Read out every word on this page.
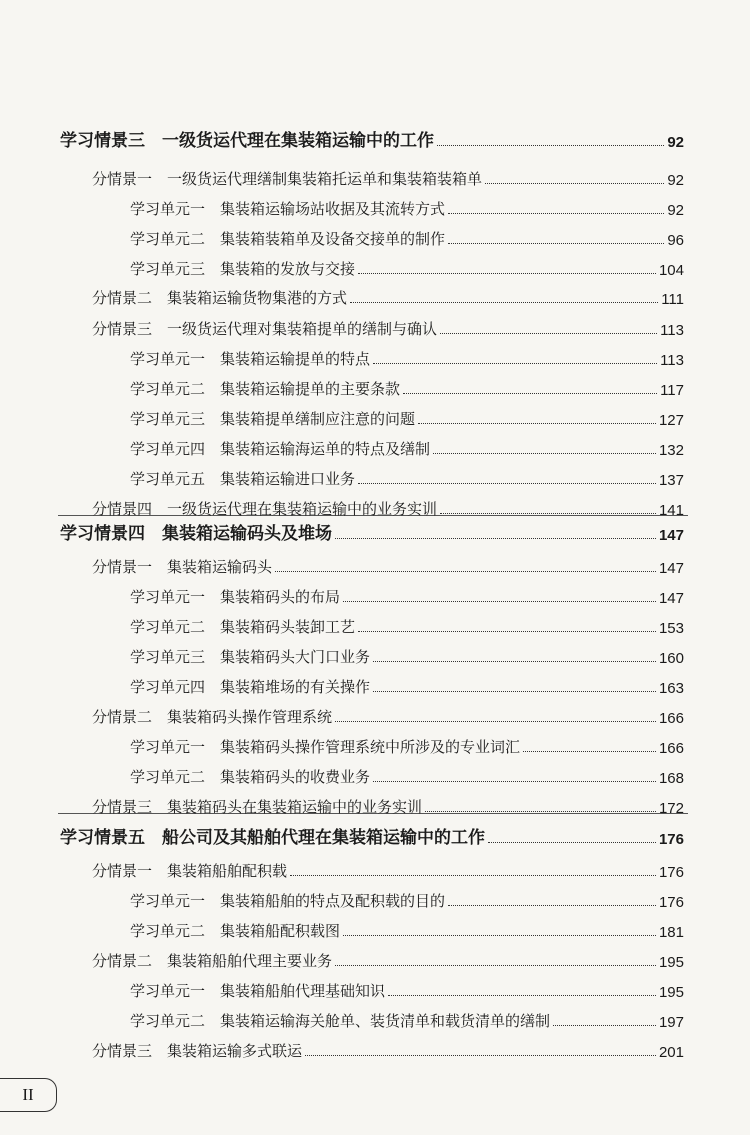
学习情景三　一级货运代理在集装箱运输中的工作	92
分情景一　一级货运代理缮制集装箱托运单和集装箱装箱单	92
学习单元一　集装箱运输场站收据及其流转方式	92
学习单元二　集装箱装箱单及设备交接单的制作	96
学习单元三　集装箱的发放与交接	104
分情景二　集装箱运输货物集港的方式	111
分情景三　一级货运代理对集装箱提单的缮制与确认	113
学习单元一　集装箱运输提单的特点	113
学习单元二　集装箱运输提单的主要条款	117
学习单元三　集装箱提单缮制应注意的问题	127
学习单元四　集装箱运输海运单的特点及缮制	132
学习单元五　集装箱运输进口业务	137
分情景四　一级货运代理在集装箱运输中的业务实训	141
学习情景四　集装箱运输码头及堆场	147
分情景一　集装箱运输码头	147
学习单元一　集装箱码头的布局	147
学习单元二　集装箱码头装卸工艺	153
学习单元三　集装箱码头大门口业务	160
学习单元四　集装箱堆场的有关操作	163
分情景二　集装箱码头操作管理系统	166
学习单元一　集装箱码头操作管理系统中所涉及的专业词汇	166
学习单元二　集装箱码头的收费业务	168
分情景三　集装箱码头在集装箱运输中的业务实训	172
学习情景五　船公司及其船舶代理在集装箱运输中的工作	176
分情景一　集装箱船舶配积载	176
学习单元一　集装箱船舶的特点及配积载的目的	176
学习单元二　集装箱船配积载图	181
分情景二　集装箱船舶代理主要业务	195
学习单元一　集装箱船舶代理基础知识	195
学习单元二　集装箱运输海关舱单、装货清单和载货清单的缮制	197
分情景三　集装箱运输多式联运	201
II
